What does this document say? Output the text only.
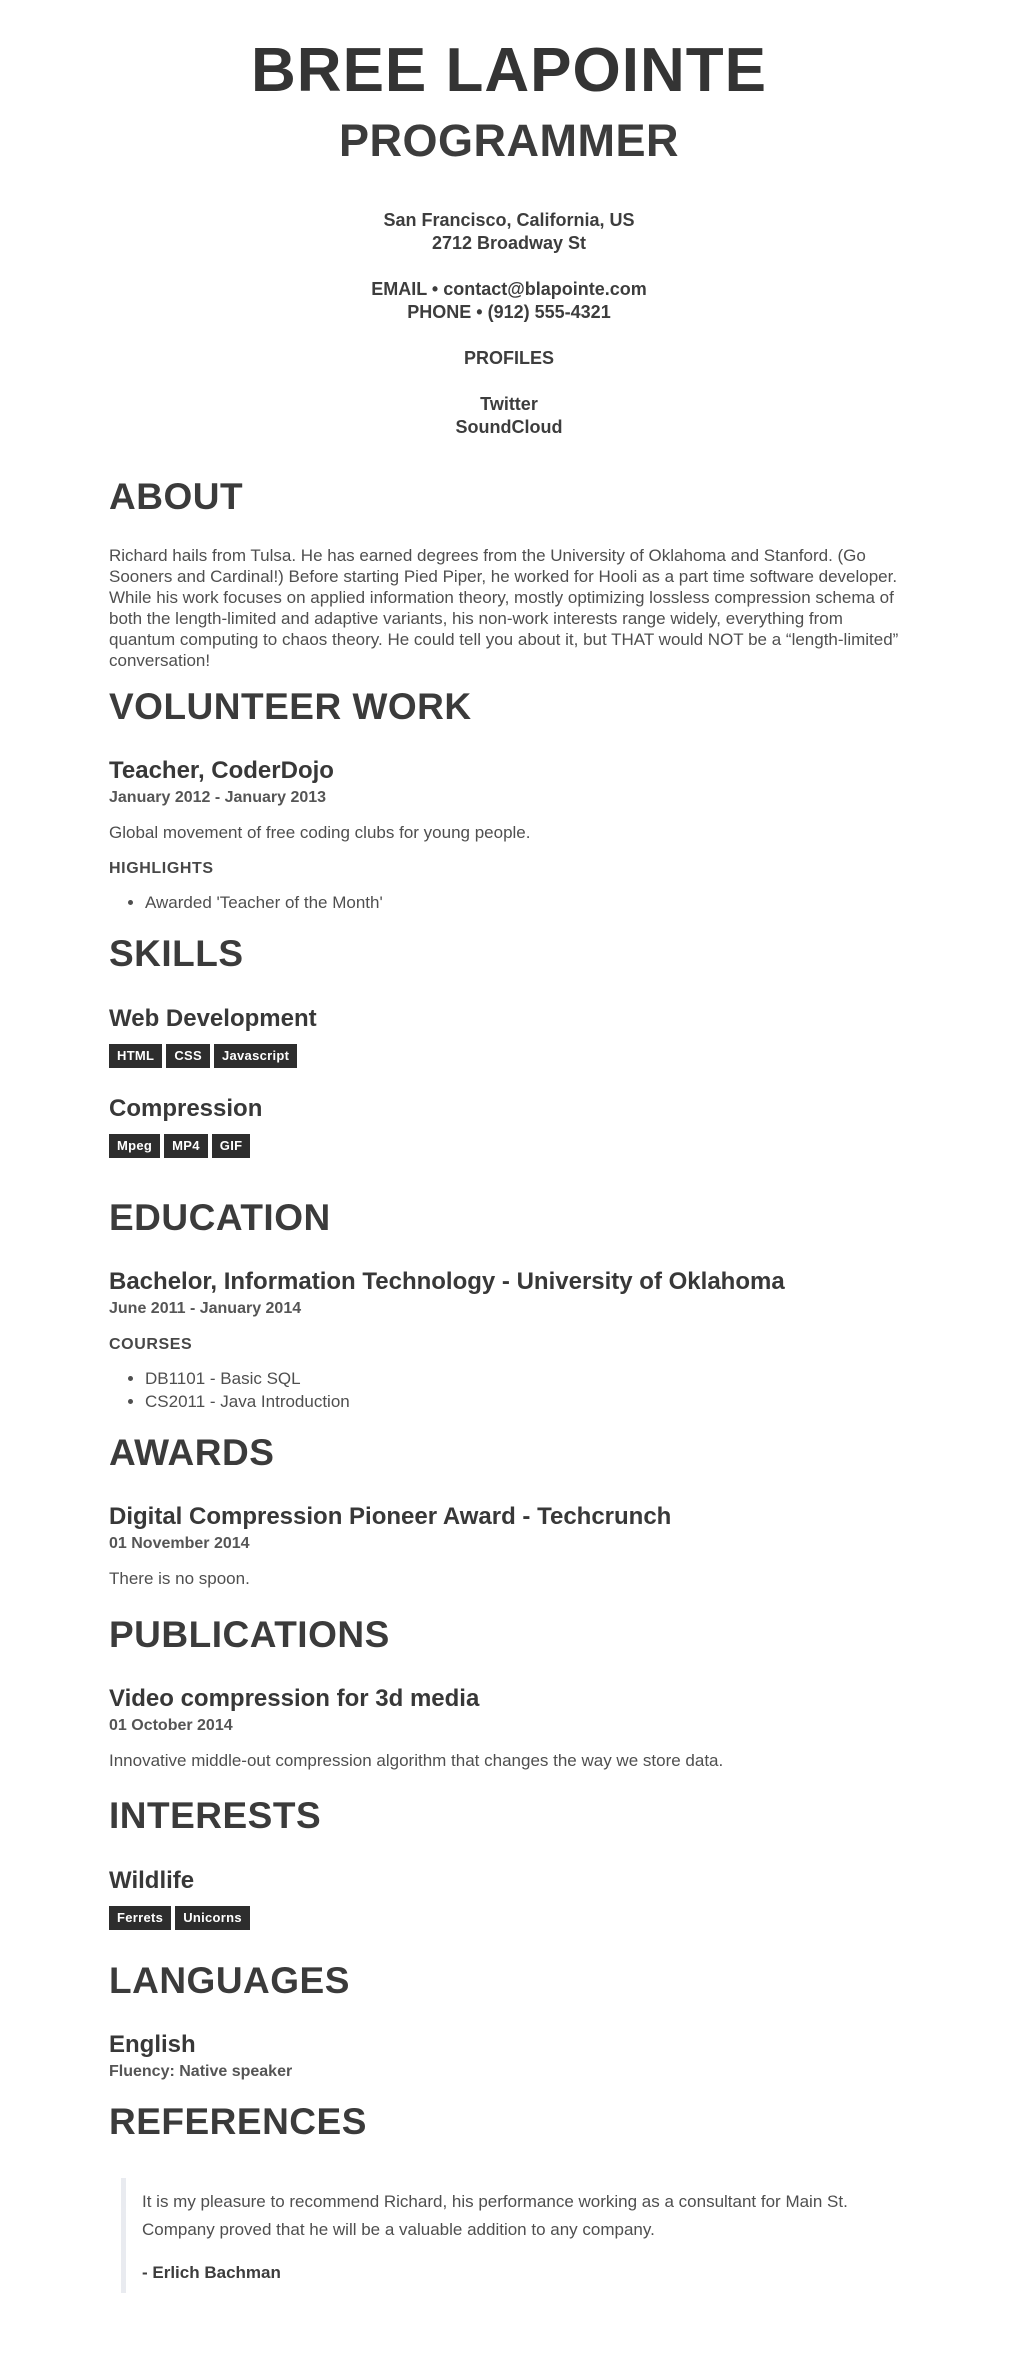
BREE LAPOINTE
PROGRAMMER
San Francisco, California, US
2712 Broadway St
EMAIL • contact@blapointe.com
PHONE • (912) 555-4321
PROFILES
Twitter
SoundCloud
ABOUT
Richard hails from Tulsa. He has earned degrees from the University of Oklahoma and Stanford. (Go Sooners and Cardinal!) Before starting Pied Piper, he worked for Hooli as a part time software developer. While his work focuses on applied information theory, mostly optimizing lossless compression schema of both the length-limited and adaptive variants, his non-work interests range widely, everything from quantum computing to chaos theory. He could tell you about it, but THAT would NOT be a “length-limited” conversation!
VOLUNTEER WORK
Teacher, CoderDojo
January 2012 - January 2013
Global movement of free coding clubs for young people.
HIGHLIGHTS
• Awarded 'Teacher of the Month'
SKILLS
Web Development
HTML CSS Javascript
Compression
Mpeg MP4 GIF
EDUCATION
Bachelor, Information Technology - University of Oklahoma
June 2011 - January 2014
COURSES
• DB1101 - Basic SQL
• CS2011 - Java Introduction
AWARDS
Digital Compression Pioneer Award - Techcrunch
01 November 2014
There is no spoon.
PUBLICATIONS
Video compression for 3d media
01 October 2014
Innovative middle-out compression algorithm that changes the way we store data.
INTERESTS
Wildlife
Ferrets Unicorns
LANGUAGES
English
Fluency: Native speaker
REFERENCES
It is my pleasure to recommend Richard, his performance working as a consultant for Main St. Company proved that he will be a valuable addition to any company.
- Erlich Bachman
